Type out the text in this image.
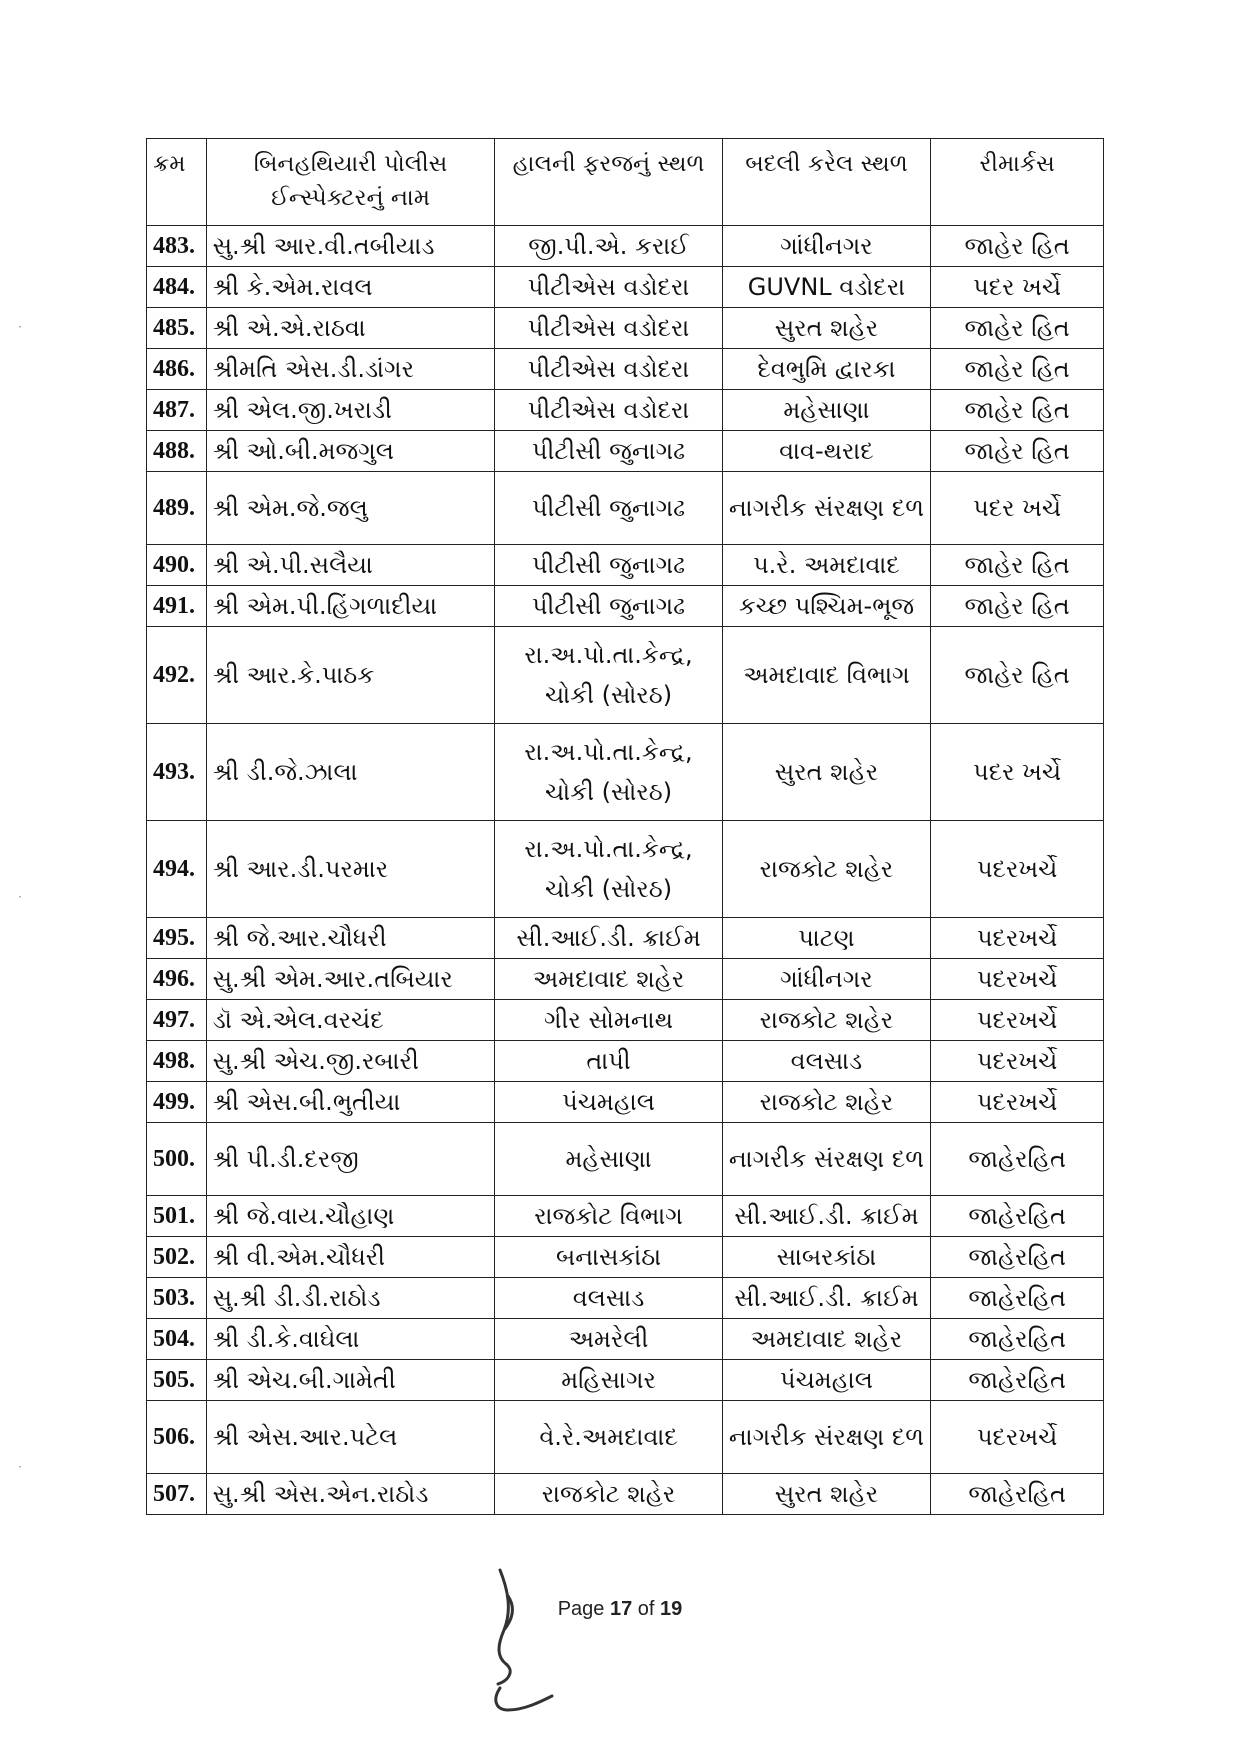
ક્રમ	બિનહથિયારી પોલીસ ઈન્સ્પેક્ટરનું નામ	હાલની ફરજનું સ્થળ	બદલી કરેલ સ્થળ	રીમાર્કસ
483.	સુ.શ્રી આર.વી.તબીયાડ	જી.પી.એ. કરાઈ	ગાંધીનગર	જાહેર હિત
484.	શ્રી કે.એમ.રાવલ	પીટીએસ વડોદરા	GUVNL વડોદરા	પદર ખર્ચે
485.	શ્રી એ.એ.રાઠવા	પીટીએસ વડોદરા	સુરત શહેર	જાહેર હિત
486.	શ્રીમતિ એસ.ડી.ડાંગર	પીટીએસ વડોદરા	દેવભુમિ દ્વારકા	જાહેર હિત
487.	શ્રી એલ.જી.ખરાડી	પીટીએસ વડોદરા	મહેસાણા	જાહેર હિત
488.	શ્રી ઓ.બી.મજગુલ	પીટીસી જુનાગઢ	વાવ-થરાદ	જાહેર હિત
489.	શ્રી એમ.જે.જલુ	પીટીસી જુનાગઢ	નાગરીક સંરક્ષણ દળ	પદર ખર્ચે
490.	શ્રી એ.પી.સલૈયા	પીટીસી જુનાગઢ	પ.રે. અમદાવાદ	જાહેર હિત
491.	શ્રી એમ.પી.હિંગળાદીયા	પીટીસી જુનાગઢ	કચ્છ પશ્ચિમ-ભૂજ	જાહેર હિત
492.	શ્રી આર.કે.પાઠક	રા.અ.પો.તા.કેન્દ્ર, ચોકી (સોરઠ)	અમદાવાદ વિભાગ	જાહેર હિત
493.	શ્રી ડી.જે.ઝાલા	રા.અ.પો.તા.કેન્દ્ર, ચોકી (સોરઠ)	સુરત શહેર	પદર ખર્ચે
494.	શ્રી આર.ડી.પરમાર	રા.અ.પો.તા.કેન્દ્ર, ચોકી (સોરઠ)	રાજકોટ શહેર	પદરખર્ચે
495.	શ્રી જે.આર.ચૌધરી	સી.આઈ.ડી. ક્રાઈમ	પાટણ	પદરખર્ચે
496.	સુ.શ્રી એમ.આર.તબિયાર	અમદાવાદ શહેર	ગાંધીનગર	પદરખર્ચે
497.	ડૉ એ.એલ.વરચંદ	ગીર સોમનાથ	રાજકોટ શહેર	પદરખર્ચે
498.	સુ.શ્રી એચ.જી.રબારી	તાપી	વલસાડ	પદરખર્ચે
499.	શ્રી એસ.બી.ભુતીયા	પંચમહાલ	રાજકોટ શહેર	પદરખર્ચે
500.	શ્રી પી.ડી.દરજી	મહેસાણા	નાગરીક સંરક્ષણ દળ	જાહેરહિત
501.	શ્રી જે.વાય.ચૌહાણ	રાજકોટ વિભાગ	સી.આઈ.ડી. ક્રાઈમ	જાહેરહિત
502.	શ્રી વી.એમ.ચૌધરી	બનાસકાંઠા	સાબરકાંઠા	જાહેરહિત
503.	સુ.શ્રી ડી.ડી.રાઠોડ	વલસાડ	સી.આઈ.ડી. ક્રાઈમ	જાહેરહિત
504.	શ્રી ડી.કે.વાઘેલા	અમરેલી	અમદાવાદ શહેર	જાહેરહિત
505.	શ્રી એચ.બી.ગામેતી	મહિસાગર	પંચમહાલ	જાહેરહિત
506.	શ્રી એસ.આર.પટેલ	વે.રે.અમદાવાદ	નાગરીક સંરક્ષણ દળ	પદરખર્ચે
507.	સુ.શ્રી એસ.એન.રાઠોડ	રાજકોટ શહેર	સુરત શહેર	જાહેરહિત
Page 17 of 19
·
·
·
